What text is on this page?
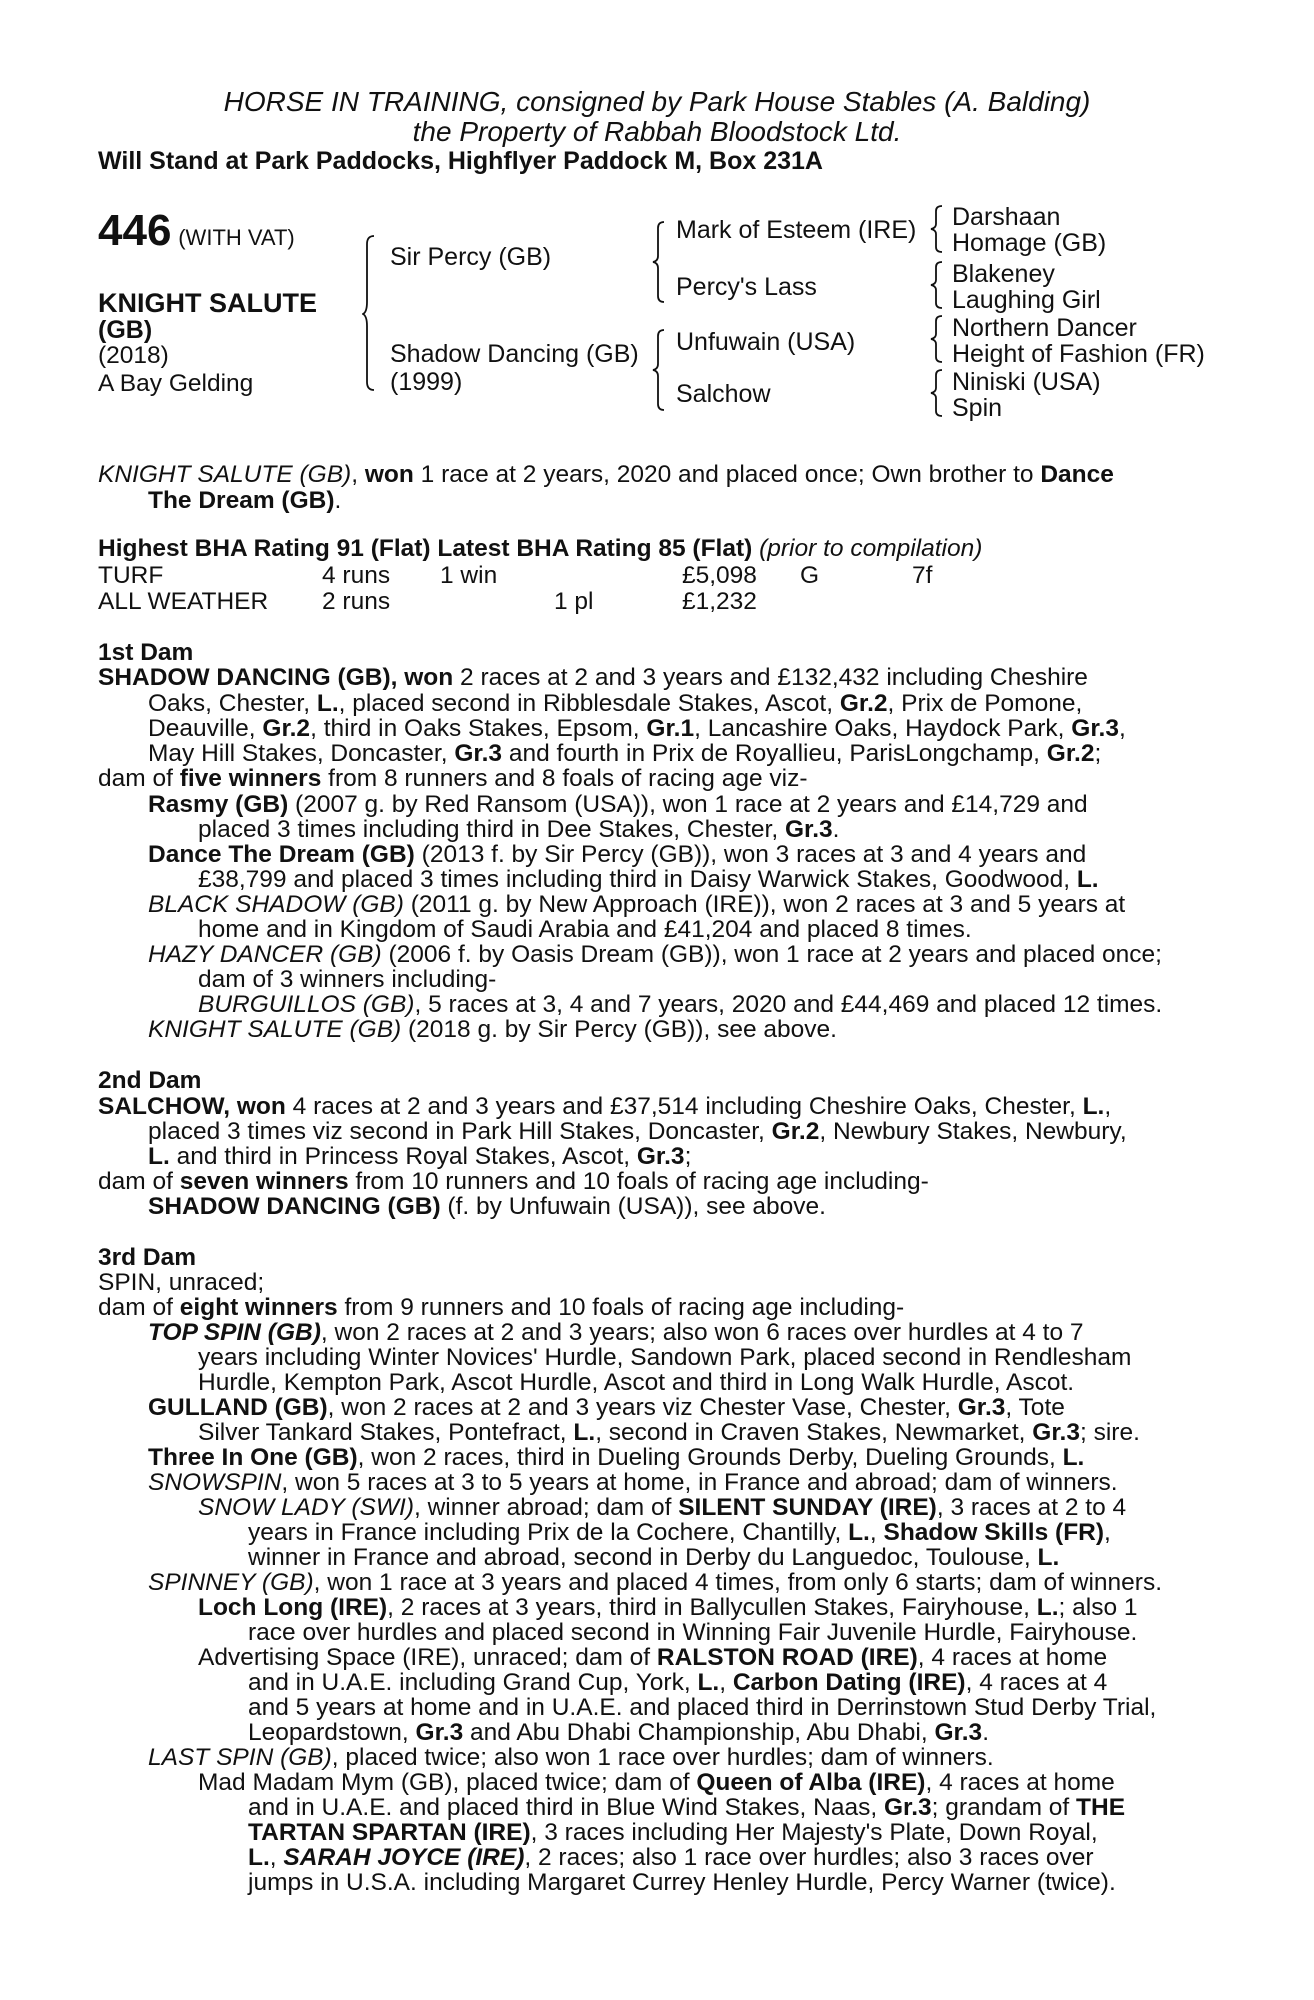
HORSE IN TRAINING, consigned by Park House Stables (A. Balding)
the Property of Rabbah Bloodstock Ltd.
Will Stand at Park Paddocks, Highflyer Paddock M, Box 231A
446 (WITH VAT)
KNIGHT SALUTE
(GB)
(2018)
A Bay Gelding
Sir Percy (GB)
Shadow Dancing (GB)
(1999)
Mark of Esteem (IRE)
Percy's Lass
Unfuwain (USA)
Salchow
Darshaan
Homage (GB)
Blakeney
Laughing Girl
Northern Dancer
Height of Fashion (FR)
Niniski (USA)
Spin
KNIGHT SALUTE (GB), won 1 race at 2 years, 2020 and placed once; Own brother to Dance
The Dream (GB).
Highest BHA Rating 91 (Flat) Latest BHA Rating 85 (Flat) (prior to compilation)
TURF	4 runs 1 win	£5,098 G	7f
ALL WEATHER 2 runs	1 pl	£1,232
1st Dam
SHADOW DANCING (GB), won 2 races at 2 and 3 years and £132,432 including Cheshire
Oaks, Chester, L., placed second in Ribblesdale Stakes, Ascot, Gr.2, Prix de Pomone,
Deauville, Gr.2, third in Oaks Stakes, Epsom, Gr.1, Lancashire Oaks, Haydock Park, Gr.3,
May Hill Stakes, Doncaster, Gr.3 and fourth in Prix de Royallieu, ParisLongchamp, Gr.2;
dam of five winners from 8 runners and 8 foals of racing age viz-
Rasmy (GB) (2007 g. by Red Ransom (USA)), won 1 race at 2 years and £14,729 and
placed 3 times including third in Dee Stakes, Chester, Gr.3.
Dance The Dream (GB) (2013 f. by Sir Percy (GB)), won 3 races at 3 and 4 years and
£38,799 and placed 3 times including third in Daisy Warwick Stakes, Goodwood, L.
BLACK SHADOW (GB) (2011 g. by New Approach (IRE)), won 2 races at 3 and 5 years at
home and in Kingdom of Saudi Arabia and £41,204 and placed 8 times.
HAZY DANCER (GB) (2006 f. by Oasis Dream (GB)), won 1 race at 2 years and placed once;
dam of 3 winners including-
BURGUILLOS (GB), 5 races at 3, 4 and 7 years, 2020 and £44,469 and placed 12 times.
KNIGHT SALUTE (GB) (2018 g. by Sir Percy (GB)), see above.
2nd Dam
SALCHOW, won 4 races at 2 and 3 years and £37,514 including Cheshire Oaks, Chester, L.,
placed 3 times viz second in Park Hill Stakes, Doncaster, Gr.2, Newbury Stakes, Newbury,
L. and third in Princess Royal Stakes, Ascot, Gr.3;
dam of seven winners from 10 runners and 10 foals of racing age including-
SHADOW DANCING (GB) (f. by Unfuwain (USA)), see above.
3rd Dam
SPIN, unraced;
dam of eight winners from 9 runners and 10 foals of racing age including-
TOP SPIN (GB), won 2 races at 2 and 3 years; also won 6 races over hurdles at 4 to 7
years including Winter Novices' Hurdle, Sandown Park, placed second in Rendlesham
Hurdle, Kempton Park, Ascot Hurdle, Ascot and third in Long Walk Hurdle, Ascot.
GULLAND (GB), won 2 races at 2 and 3 years viz Chester Vase, Chester, Gr.3, Tote
Silver Tankard Stakes, Pontefract, L., second in Craven Stakes, Newmarket, Gr.3; sire.
Three In One (GB), won 2 races, third in Dueling Grounds Derby, Dueling Grounds, L.
SNOWSPIN, won 5 races at 3 to 5 years at home, in France and abroad; dam of winners.
SNOW LADY (SWI), winner abroad; dam of SILENT SUNDAY (IRE), 3 races at 2 to 4
years in France including Prix de la Cochere, Chantilly, L., Shadow Skills (FR),
winner in France and abroad, second in Derby du Languedoc, Toulouse, L.
SPINNEY (GB), won 1 race at 3 years and placed 4 times, from only 6 starts; dam of winners.
Loch Long (IRE), 2 races at 3 years, third in Ballycullen Stakes, Fairyhouse, L.; also 1
race over hurdles and placed second in Winning Fair Juvenile Hurdle, Fairyhouse.
Advertising Space (IRE), unraced; dam of RALSTON ROAD (IRE), 4 races at home
and in U.A.E. including Grand Cup, York, L., Carbon Dating (IRE), 4 races at 4
and 5 years at home and in U.A.E. and placed third in Derrinstown Stud Derby Trial,
Leopardstown, Gr.3 and Abu Dhabi Championship, Abu Dhabi, Gr.3.
LAST SPIN (GB), placed twice; also won 1 race over hurdles; dam of winners.
Mad Madam Mym (GB), placed twice; dam of Queen of Alba (IRE), 4 races at home
and in U.A.E. and placed third in Blue Wind Stakes, Naas, Gr.3; grandam of THE
TARTAN SPARTAN (IRE), 3 races including Her Majesty's Plate, Down Royal,
L., SARAH JOYCE (IRE), 2 races; also 1 race over hurdles; also 3 races over
jumps in U.S.A. including Margaret Currey Henley Hurdle, Percy Warner (twice).
